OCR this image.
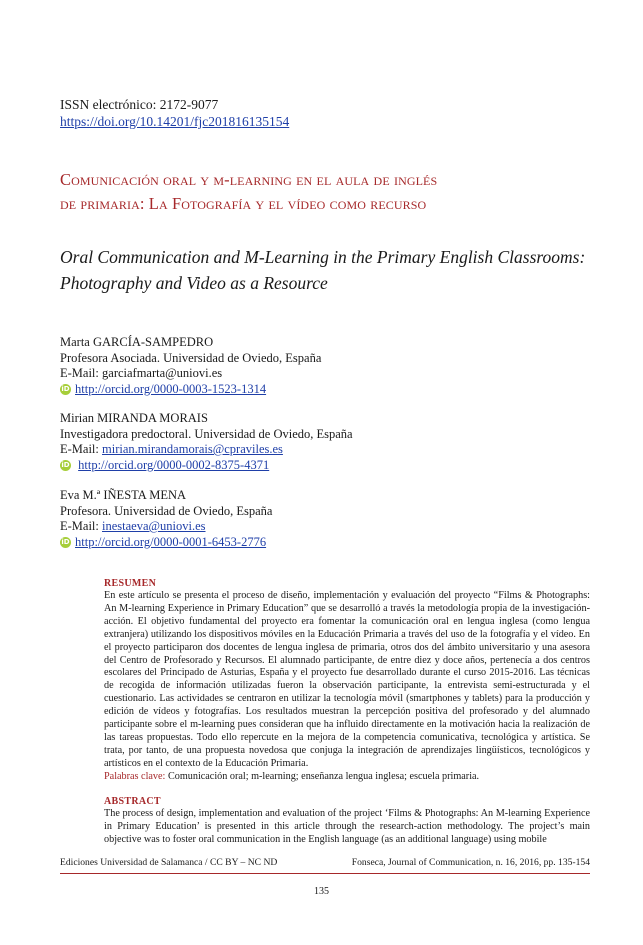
ISSN electrónico: 2172-9077
https://doi.org/10.14201/fjc201816135154
Comunicación oral y m-learning en el aula de inglés
de primaria: La Fotografía y el vídeo como recurso
Oral Communication and M-Learning in the Primary English Classrooms:
Photography and Video as a Resource
Marta GARCÍA-SAMPEDRO
Profesora Asociada. Universidad de Oviedo, España
E-Mail: garciafmarta@uniovi.es
iD http://orcid.org/0000-0003-1523-1314
Mirian MIRANDA MORAIS
Investigadora predoctoral. Universidad de Oviedo, España
E-Mail: mirian.mirandamorais@cpraviles.es
iD
http://orcid.org/0000-0002-8375-4371
Eva M.ª IÑESTA MENA
Profesora. Universidad de Oviedo, España
E-Mail: inestaeva@uniovi.es
iD http://orcid.org/0000-0001-6453-2776
RESUMEN
En este artículo se presenta el proceso de diseño, implementación y evaluación del proyecto “Films & Photographs: An M-learning Experience in Primary Education” que se desarrolló a través la metodología propia de la investigación-acción. El objetivo fundamental del proyecto era fomentar la comunicación oral en lengua inglesa (como lengua extranjera) utilizando los dispositivos móviles en la Educación Primaria a través del uso de la fotografía y el vídeo. En el proyecto participaron dos docentes de lengua inglesa de primaria, otros dos del ámbito universitario y una asesora del Centro de Profesorado y Recursos. El alumnado participante, de entre diez y doce años, pertenecía a dos centros escolares del Principado de Asturias, España y el proyecto fue desarrollado durante el curso 2015-2016. Las técnicas de recogida de información utilizadas fueron la observación participante, la entrevista semi-estructurada y el cuestionario. Las actividades se centraron en utilizar la tecnología móvil (smartphones y tablets) para la producción y edición de vídeos y fotografías. Los resultados muestran la percepción positiva del profesorado y del alumnado participante sobre el m-learning pues consideran que ha influido directamente en la motivación hacia la realización de las tareas propuestas. Todo ello repercute en la mejora de la competencia comunicativa, tecnológica y artística. Se trata, por tanto, de una propuesta novedosa que conjuga la integración de aprendizajes lingüísticos, tecnológicos y artísticos en el contexto de la Educación Primaria.
Palabras clave: Comunicación oral; m-learning; enseñanza lengua inglesa; escuela primaria.
ABSTRACT
The process of design, implementation and evaluation of the project ‘Films & Photographs: An M-learning Experience in Primary Education’ is presented in this article through the research-action methodology. The project’s main objective was to foster oral communication in the English language (as an additional language) using mobile
Ediciones Universidad de Salamanca / CC BY – NC ND	Fonseca, Journal of Communication, n. 16, 2016, pp. 135-154
135
